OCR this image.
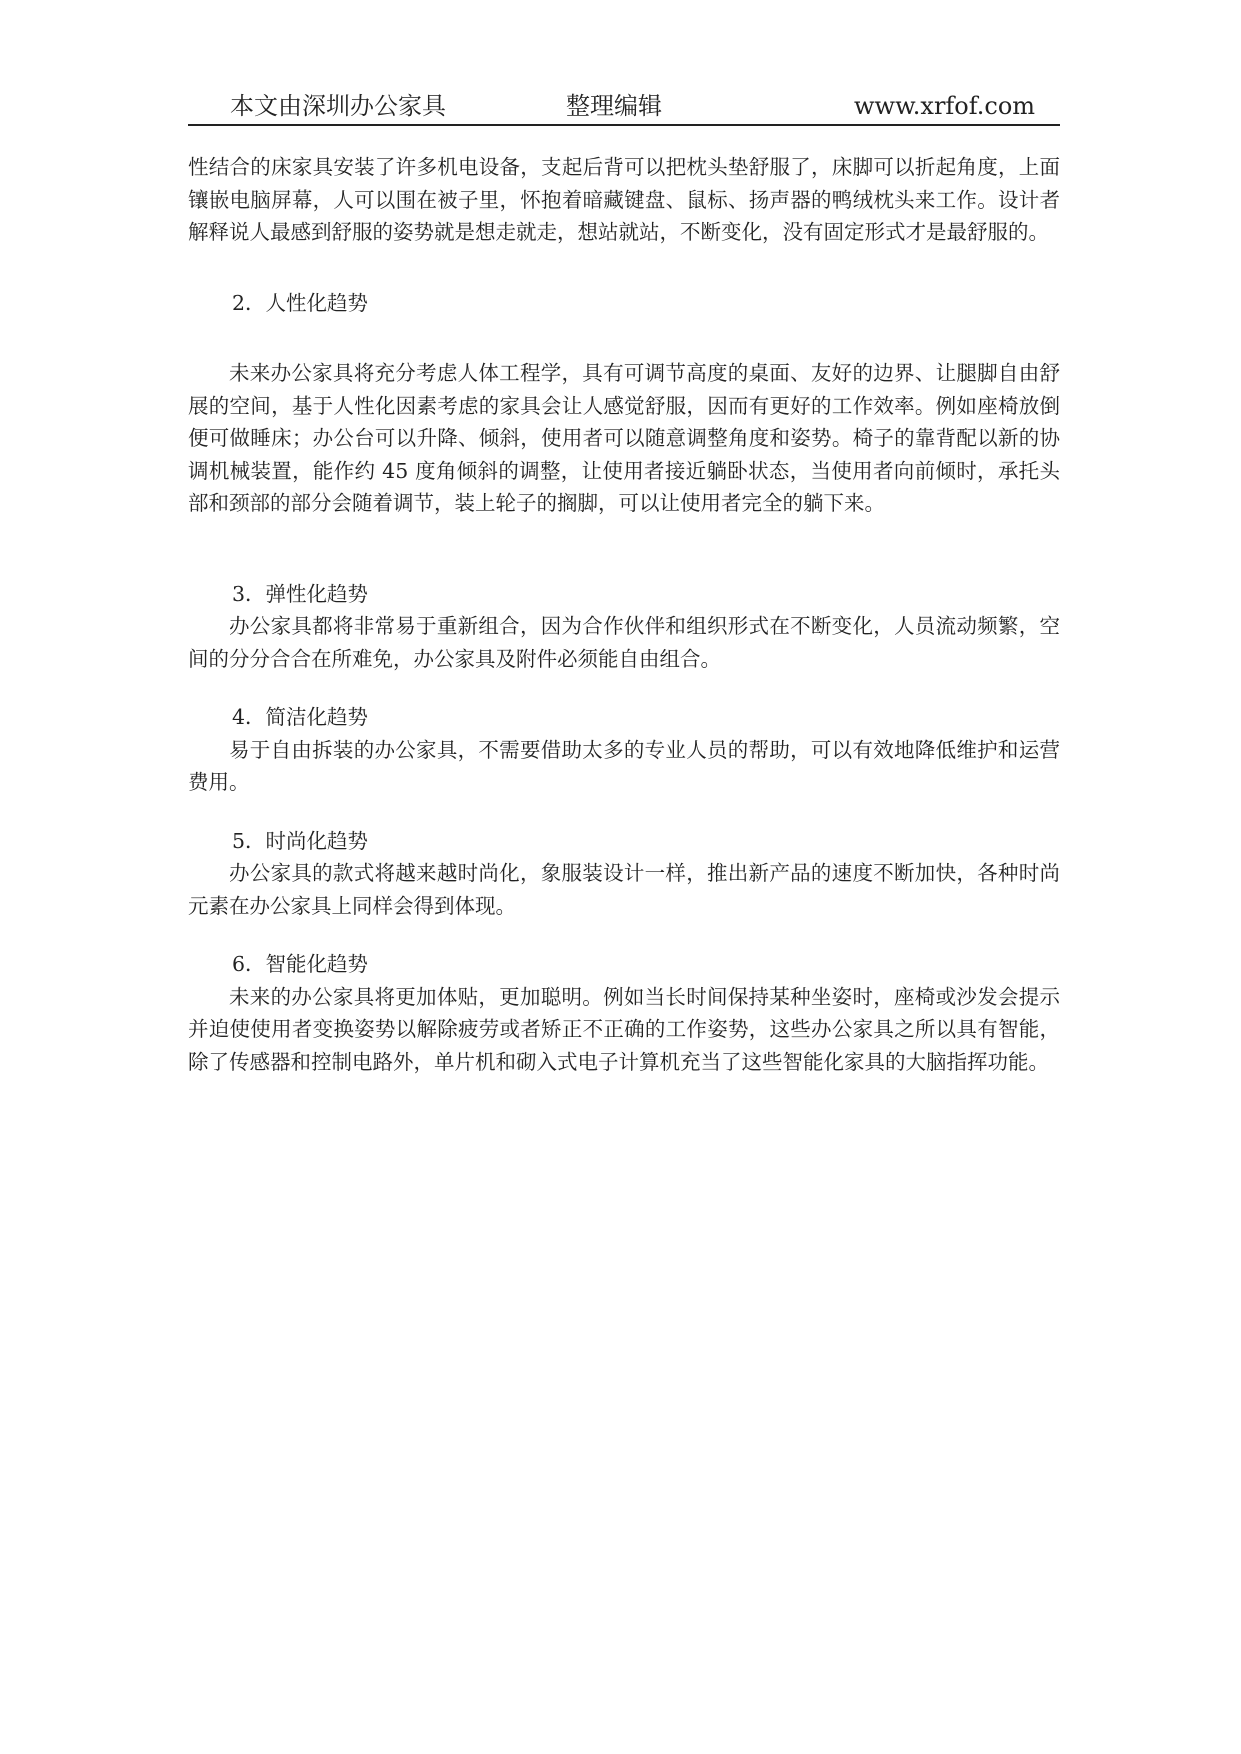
本文由深圳办公家具	整理编辑	www.xrfof.com

性结合的床家具安装了许多机电设备，支起后背可以把枕头垫舒服了，床脚可以折起角度，上面镶嵌电脑屏幕，人可以围在被子里，怀抱着暗藏键盘、鼠标、扬声器的鸭绒枕头来工作。设计者解释说人最感到舒服的姿势就是想走就走，想站就站，不断变化，没有固定形式才是最舒服的。

2．人性化趋势

未来办公家具将充分考虑人体工程学，具有可调节高度的桌面、友好的边界、让腿脚自由舒展的空间，基于人性化因素考虑的家具会让人感觉舒服，因而有更好的工作效率。例如座椅放倒便可做睡床；办公台可以升降、倾斜，使用者可以随意调整角度和姿势。椅子的靠背配以新的协调机械装置，能作约 45 度角倾斜的调整，让使用者接近躺卧状态，当使用者向前倾时，承托头部和颈部的部分会随着调节，装上轮子的搁脚，可以让使用者完全的躺下来。

3．弹性化趋势

办公家具都将非常易于重新组合，因为合作伙伴和组织形式在不断变化，人员流动频繁，空间的分分合合在所难免，办公家具及附件必须能自由组合。

4．简洁化趋势

易于自由拆装的办公家具，不需要借助太多的专业人员的帮助，可以有效地降低维护和运营费用。

5．时尚化趋势

办公家具的款式将越来越时尚化，象服装设计一样，推出新产品的速度不断加快，各种时尚元素在办公家具上同样会得到体现。

6．智能化趋势

未来的办公家具将更加体贴，更加聪明。例如当长时间保持某种坐姿时，座椅或沙发会提示并迫使使用者变换姿势以解除疲劳或者矫正不正确的工作姿势，这些办公家具之所以具有智能，除了传感器和控制电路外，单片机和砌入式电子计算机充当了这些智能化家具的大脑指挥功能。
